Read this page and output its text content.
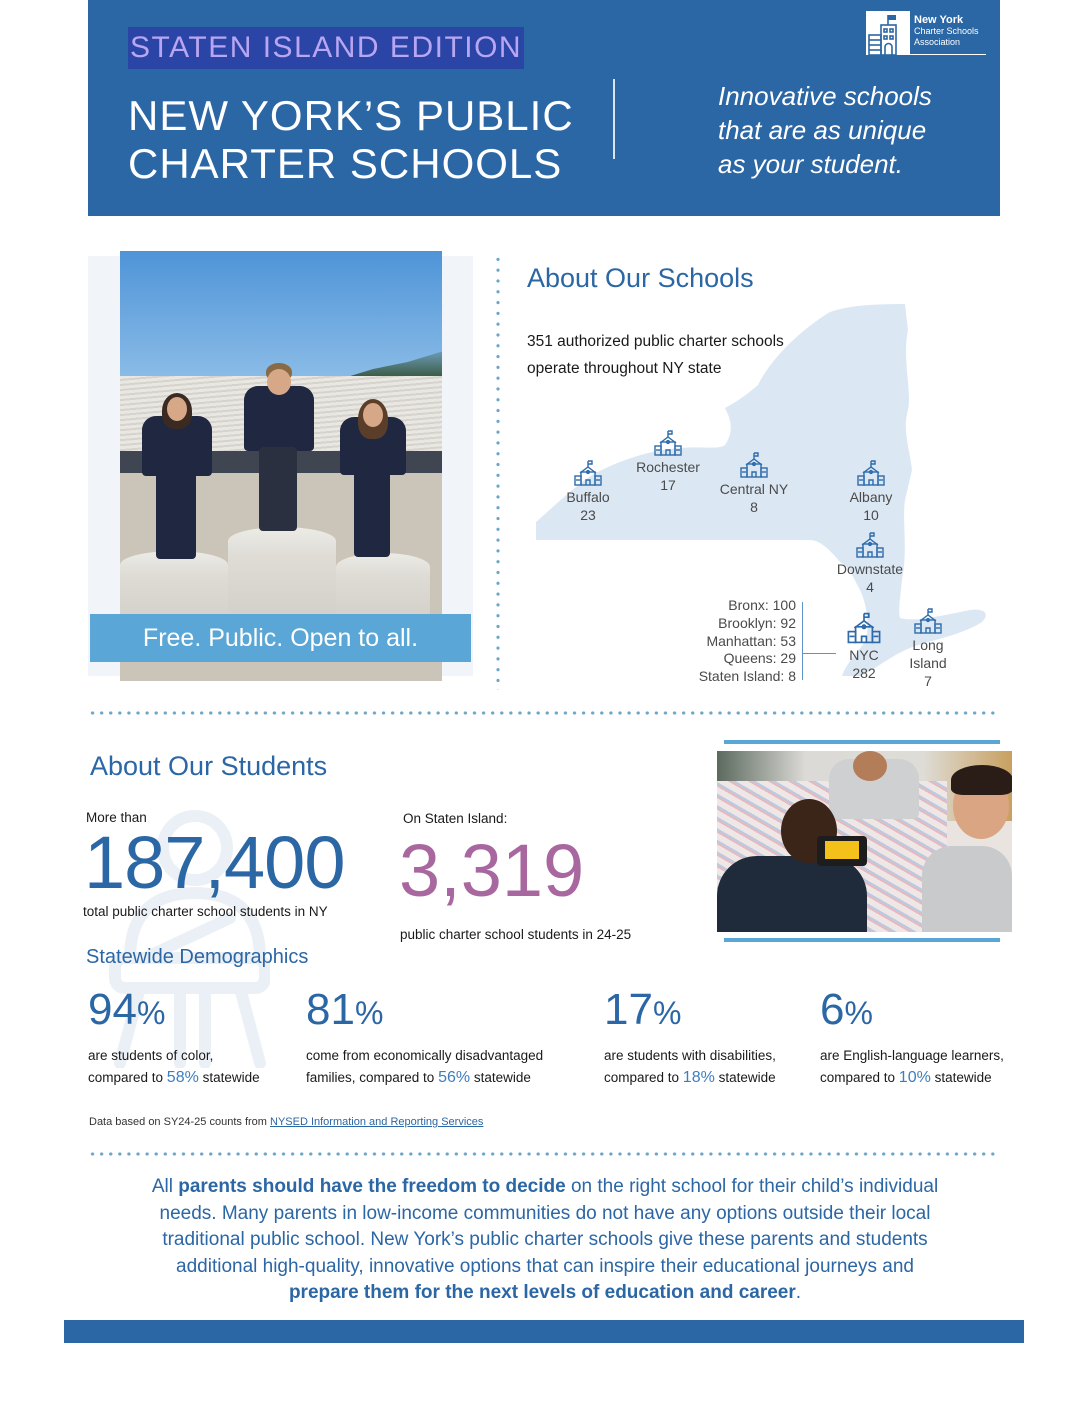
STATEN ISLAND EDITION
NEW YORK’S PUBLIC
CHARTER SCHOOLS
Innovative schools
that are as unique
as your student.
New York
Charter Schools
Association
Free. Public. Open to all.
About Our Schools
351 authorized public charter schools
operate throughout NY state
Buffalo
23
Rochester
17	Central NY
8
Albany
10
Downstate
4
NYC
282
Long
Island
7
Bronx: 100
Brooklyn: 92
Manhattan: 53
Queens: 29
Staten Island: 8
About Our Students
More than
187,400
total public charter school students in NY
On Staten Island:
3,319
public charter school students in 24-25
Statewide Demographics
94%
are students of color,
compared to 58% statewide
81%
come from economically disadvantaged
families, compared to 56% statewide
17%
are students with disabilities,
compared to 18% statewide
6%
are English-language learners,
compared to 10% statewide
Data based on SY24-25 counts from NYSED Information and Reporting Services
All parents should have the freedom to decide on the right school for their child’s individual needs. Many parents in low-income communities do not have any options outside their local traditional public school. New York’s public charter schools give these parents and students additional high-quality, innovative options that can inspire their educational journeys and prepare them for the next levels of education and career.
